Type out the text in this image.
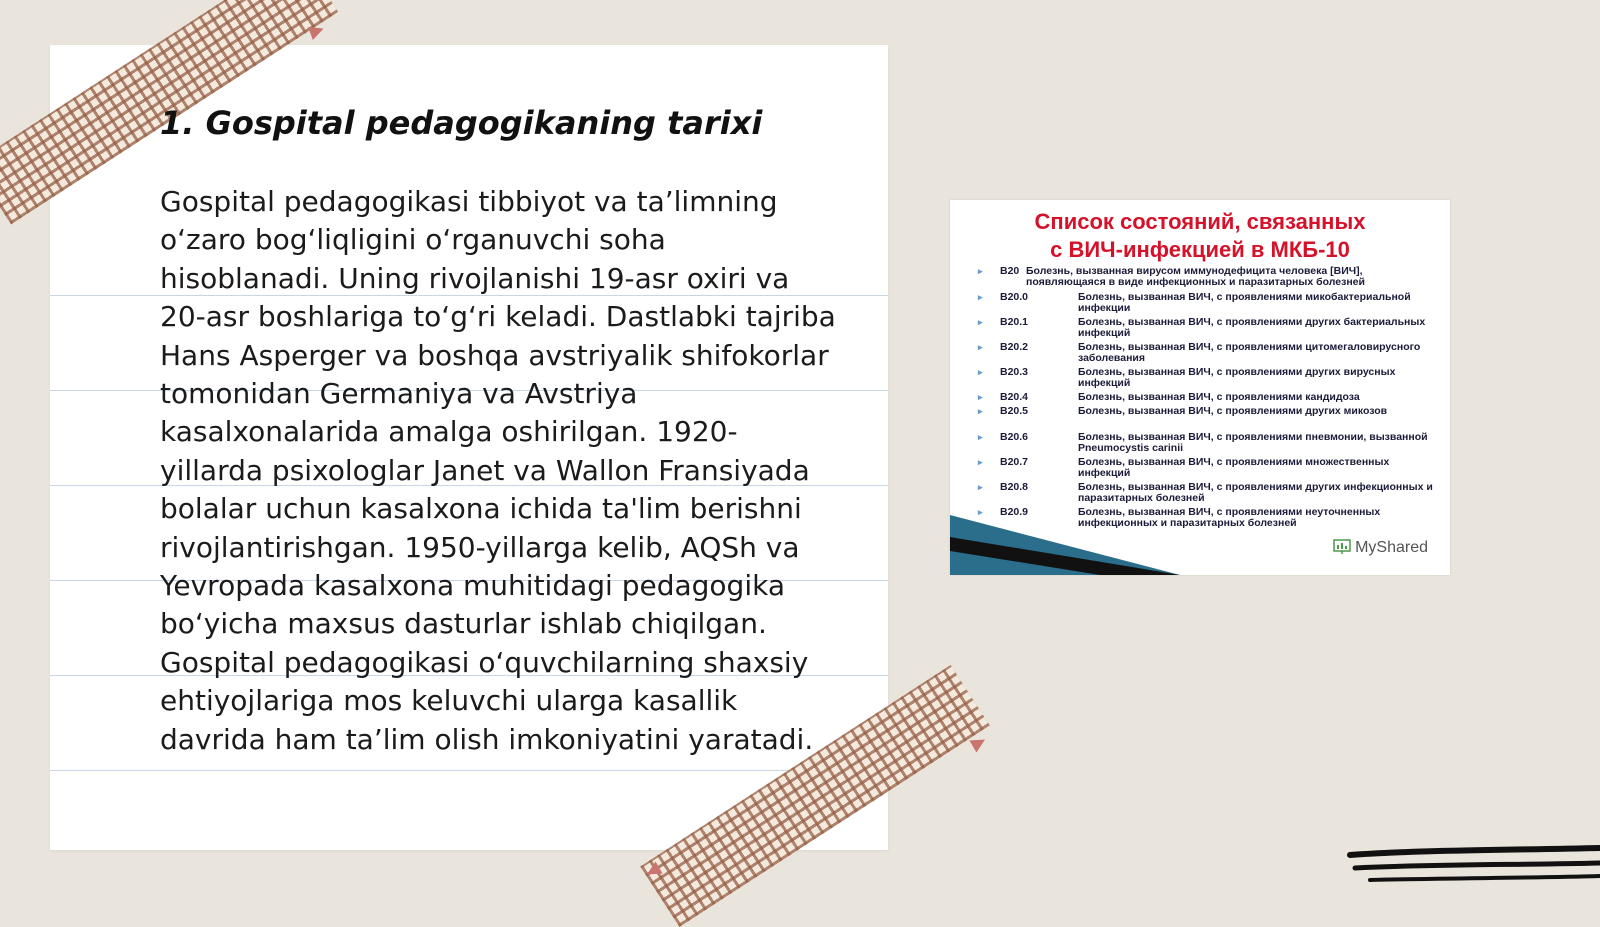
1. Gospital pedagogikaning tarixi

Gospital pedagogikasi tibbiyot va ta’limning o‘zaro bog‘liqligini o‘rganuvchi soha hisoblanadi. Uning rivojlanishi 19-asr oxiri va 20-asr boshlariga to‘g‘ri keladi. Dastlabki tajriba Hans Asperger va boshqa avstriyalik shifokorlar tomonidan Germaniya va Avstriya kasalxonalarida amalga oshirilgan. 1920-yillarda psixologlar Janet va Wallon Fransiyada bolalar uchun kasalxona ichida ta'lim berishni rivojlantirishgan. 1950-yillarga kelib, AQSh va Yevropada kasalxona muhitidagi pedagogika bo‘yicha maxsus dasturlar ishlab chiqilgan. Gospital pedagogikasi o‘quvchilarning shaxsiy ehtiyojlariga mos keluvchi ularga kasallik davrida ham ta’lim olish imkoniyatini yaratadi.

Список состояний, связанных
с ВИЧ-инфекцией в МКБ-10
▸ B20 Болезнь, вызванная вирусом иммунодефицита человека [ВИЧ], появляющаяся в виде инфекционных и паразитарных болезней
▸ B20.0	Болезнь, вызванная ВИЧ, с проявлениями микобактериальной инфекции
▸ B20.1	Болезнь, вызванная ВИЧ, с проявлениями других бактериальных инфекций
▸ B20.2	Болезнь, вызванная ВИЧ, с проявлениями цитомегаловирусного заболевания
▸ B20.3	Болезнь, вызванная ВИЧ, с проявлениями других вирусных инфекций
▸ B20.4	Болезнь, вызванная ВИЧ, с проявлениями кандидоза
▸ B20.5	Болезнь, вызванная ВИЧ, с проявлениями других микозов
▸ B20.6	Болезнь, вызванная ВИЧ, с проявлениями пневмонии, вызванной Pneumocystis carinii
▸ B20.7	Болезнь, вызванная ВИЧ, с проявлениями множественных инфекций
▸ B20.8	Болезнь, вызванная ВИЧ, с проявлениями других инфекционных и паразитарных болезней
▸ B20.9	Болезнь, вызванная ВИЧ, с проявлениями неуточненных инфекционных и паразитарных болезней
MyShared
